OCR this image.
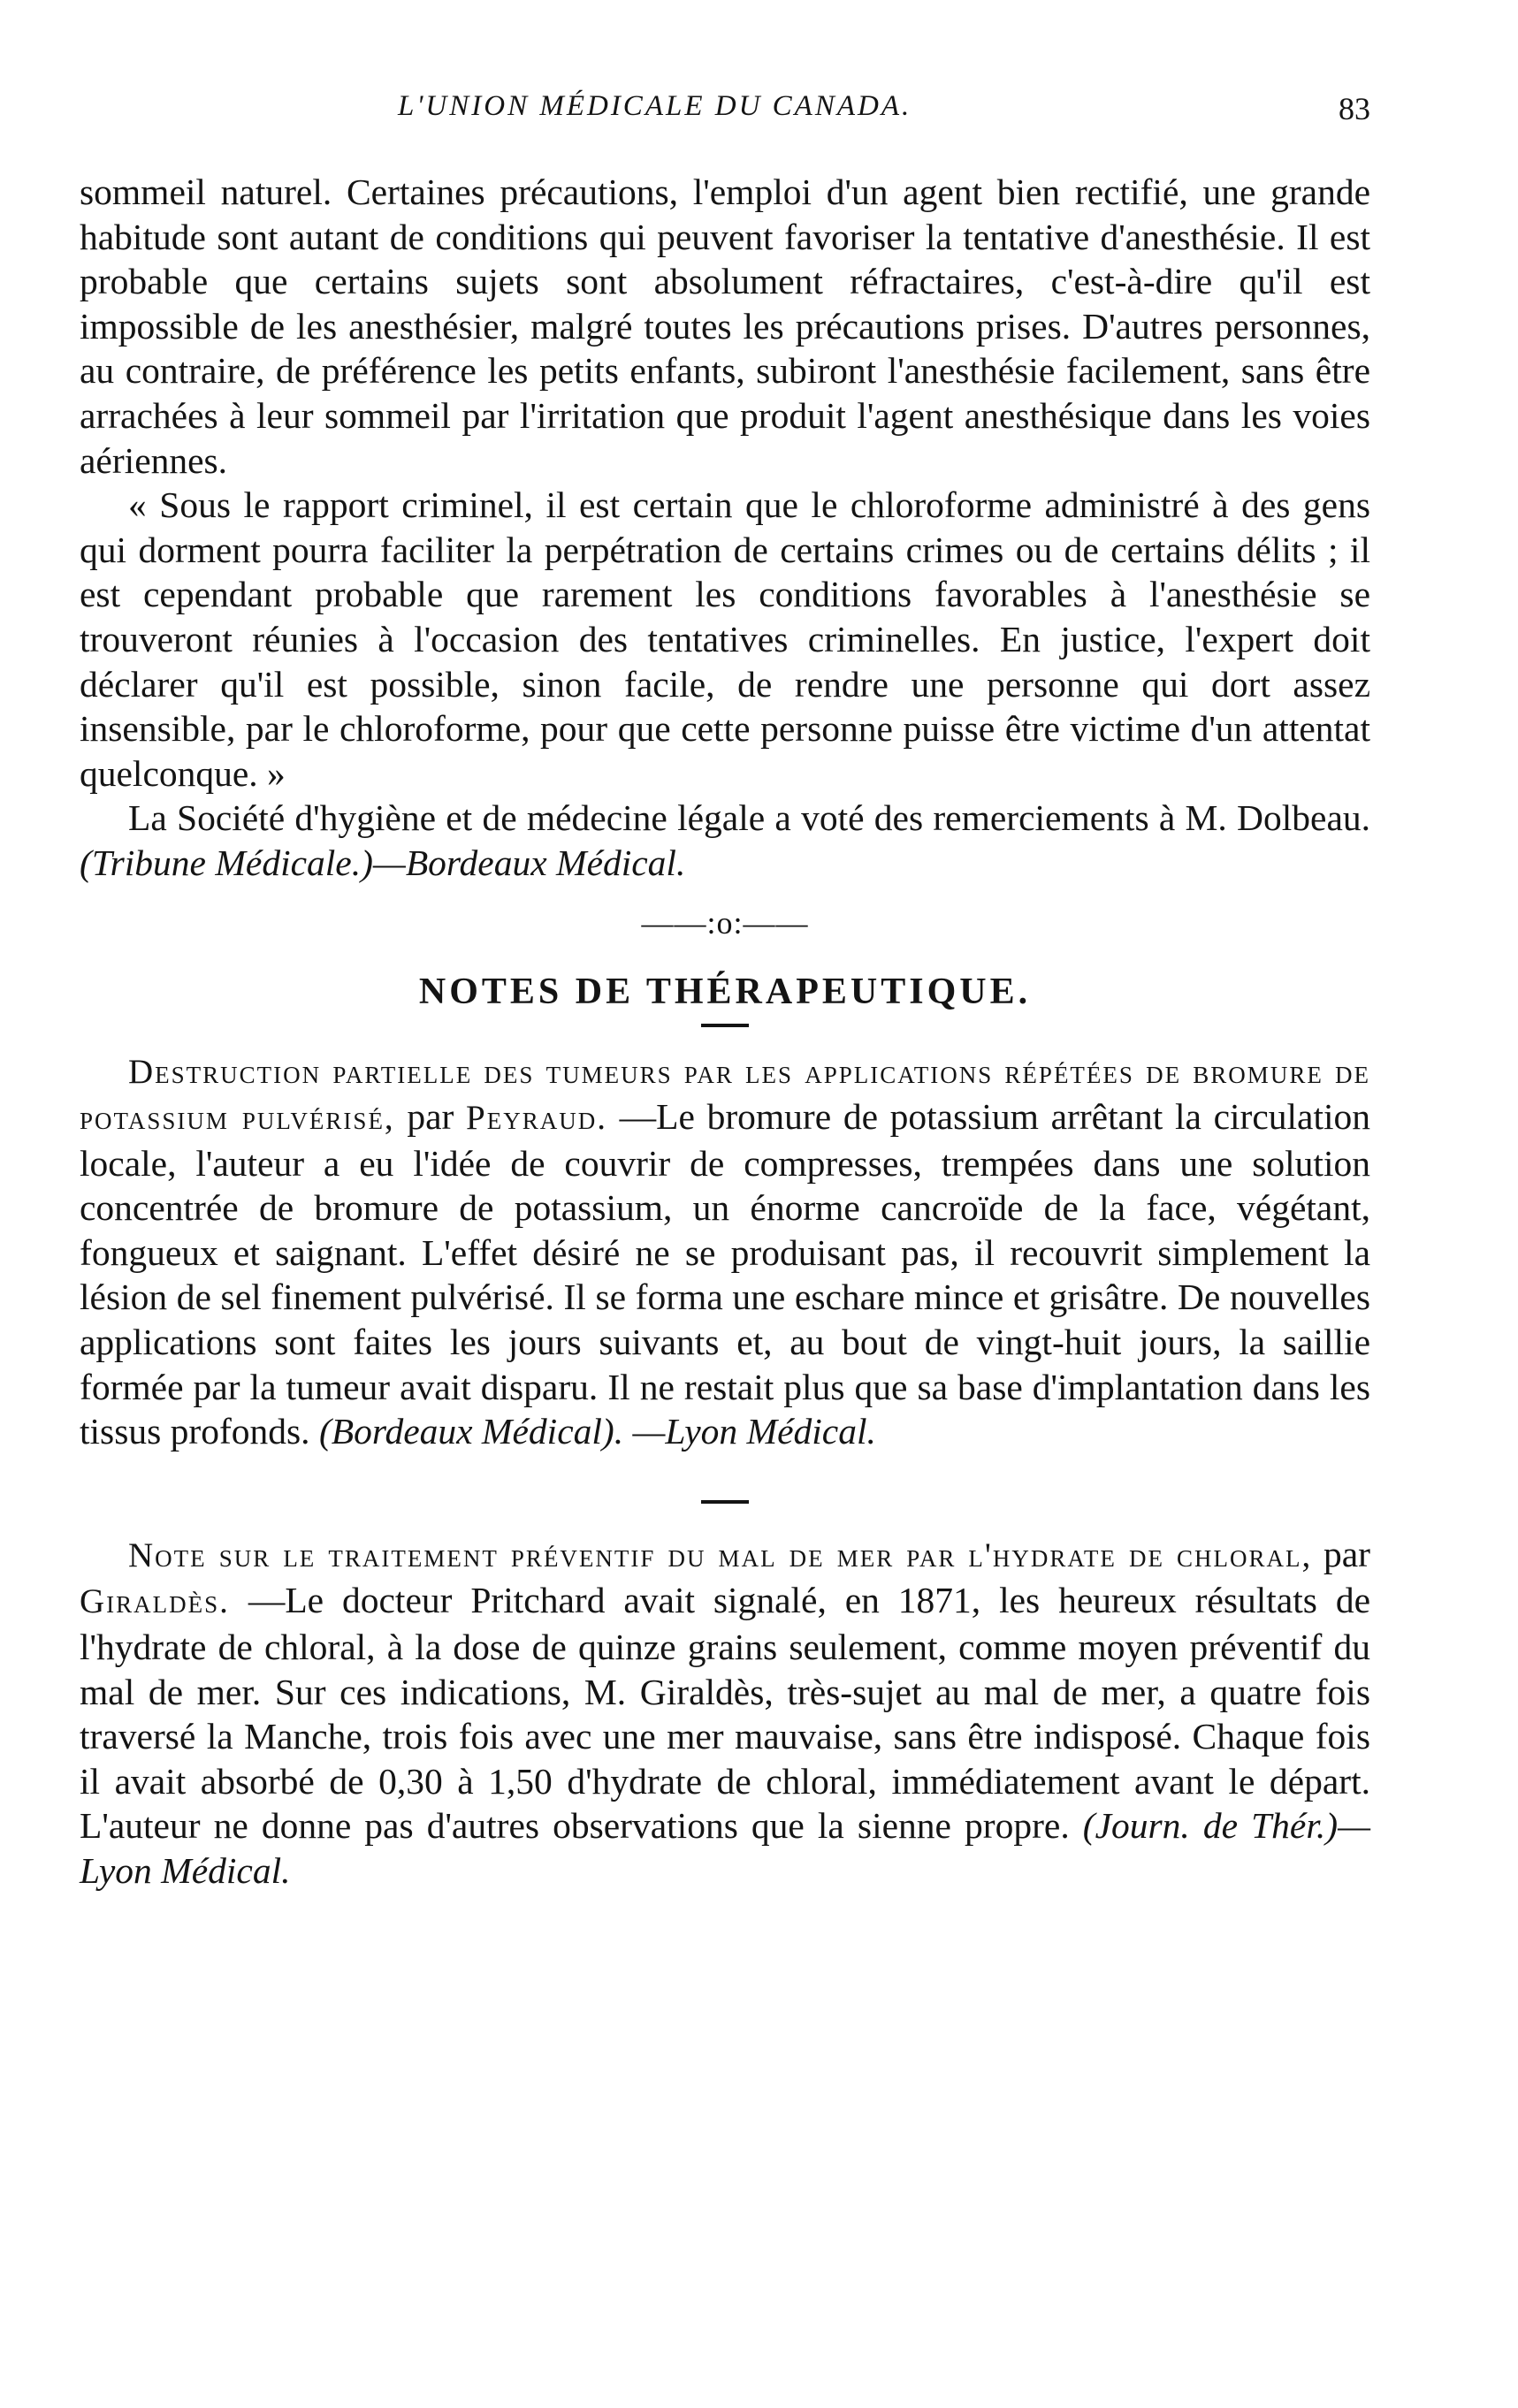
L'UNION MÉDICALE DU CANADA.	83

sommeil naturel. Certaines précautions, l'emploi d'un agent bien rectifié, une grande habitude sont autant de conditions qui peuvent favoriser la tentative d'anesthésie. Il est probable que certains sujets sont absolument réfractaires, c'est-à-dire qu'il est impossible de les anesthésier, malgré toutes les précautions prises. D'autres personnes, au contraire, de préférence les petits enfants, subiront l'anesthésie facilement, sans être arrachées à leur sommeil par l'irritation que produit l'agent anesthésique dans les voies aériennes.

« Sous le rapport criminel, il est certain que le chloroforme administré à des gens qui dorment pourra faciliter la perpétration de certains crimes ou de certains délits ; il est cependant probable que rarement les conditions favorables à l'anesthésie se trouveront réunies à l'occasion des tentatives criminelles. En justice, l'expert doit déclarer qu'il est possible, sinon facile, de rendre une personne qui dort assez insensible, par le chloroforme, pour que cette personne puisse être victime d'un attentat quelconque. »

La Société d'hygiène et de médecine légale a voté des remerciements à M. Dolbeau. (Tribune Médicale.)—Bordeaux Médical.

——:o:——
NOTES DE THÉRAPEUTIQUE.

Destruction partielle des tumeurs par les applications répétées de bromure de potassium pulvérisé, par Peyraud. —Le bromure de potassium arrêtant la circulation locale, l'auteur a eu l'idée de couvrir de compresses, trempées dans une solution concentrée de bromure de potassium, un énorme cancroïde de la face, végétant, fongueux et saignant. L'effet désiré ne se produisant pas, il recouvrit simplement la lésion de sel finement pulvérisé. Il se forma une eschare mince et grisâtre. De nouvelles applications sont faites les jours suivants et, au bout de vingt-huit jours, la saillie formée par la tumeur avait disparu. Il ne restait plus que sa base d'implantation dans les tissus profonds. (Bordeaux Médical). —Lyon Médical.

Note sur le traitement préventif du mal de mer par l'hydrate de chloral, par Giraldès. —Le docteur Pritchard avait signalé, en 1871, les heureux résultats de l'hydrate de chloral, à la dose de quinze grains seulement, comme moyen préventif du mal de mer. Sur ces indications, M. Giraldès, très-sujet au mal de mer, a quatre fois traversé la Manche, trois fois avec une mer mauvaise, sans être indisposé. Chaque fois il avait absorbé de 0,30 à 1,50 d'hydrate de chloral, immédiatement avant le départ. L'auteur ne donne pas d'autres observations que la sienne propre. (Journ. de Thér.)—Lyon Médical.
